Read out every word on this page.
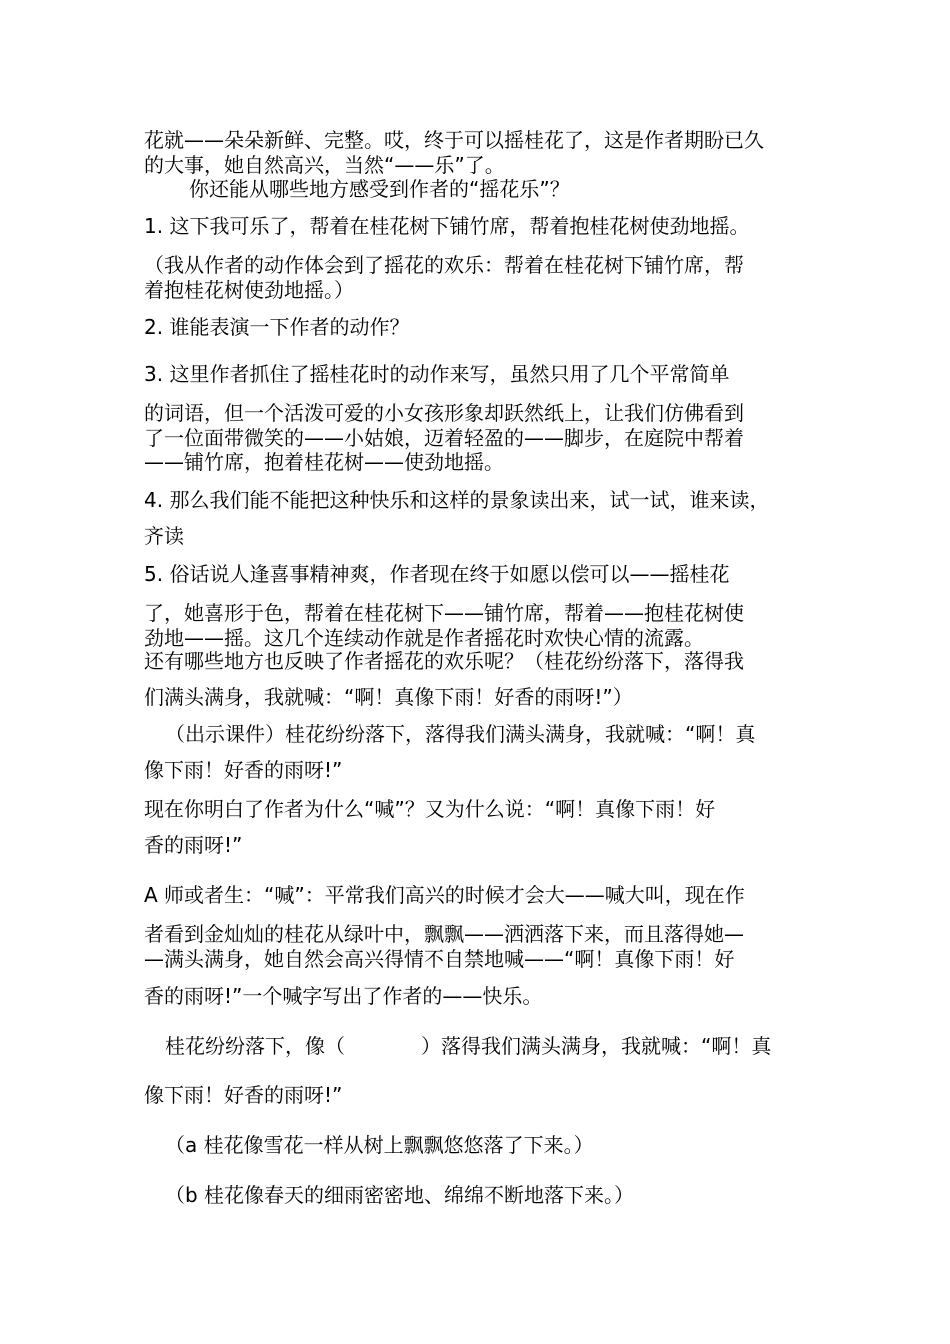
花就——朵朵新鲜、完整。哎，终于可以摇桂花了，这是作者期盼已久
的大事，她自然高兴，当然“——乐”了。
你还能从哪些地方感受到作者的“摇花乐”？
1. 这下我可乐了，帮着在桂花树下铺竹席，帮着抱桂花树使劲地摇。
（我从作者的动作体会到了摇花的欢乐：帮着在桂花树下铺竹席，帮
着抱桂花树使劲地摇。）
2. 谁能表演一下作者的动作？
3. 这里作者抓住了摇桂花时的动作来写，虽然只用了几个平常简单
的词语，但一个活泼可爱的小女孩形象却跃然纸上，让我们仿佛看到
了一位面带微笑的——小姑娘，迈着轻盈的——脚步，在庭院中帮着
——铺竹席，抱着桂花树——使劲地摇。
4. 那么我们能不能把这种快乐和这样的景象读出来，试一试，谁来读，
齐读
5. 俗话说人逢喜事精神爽，作者现在终于如愿以偿可以——摇桂花
了，她喜形于色，帮着在桂花树下——铺竹席，帮着——抱桂花树使
劲地——摇。这几个连续动作就是作者摇花时欢快心情的流露。
还有哪些地方也反映了作者摇花的欢乐呢？（桂花纷纷落下，落得我
们满头满身，我就喊：“啊！真像下雨！好香的雨呀!”）
（出示课件）桂花纷纷落下，落得我们满头满身，我就喊：“啊！真
像下雨！好香的雨呀!”
现在你明白了作者为什么“喊”？又为什么说：“啊！真像下雨！好
香的雨呀!”
A 师或者生：“喊”：平常我们高兴的时候才会大——喊大叫，现在作
者看到金灿灿的桂花从绿叶中，飘飘——洒洒落下来，而且落得她—
—满头满身，她自然会高兴得情不自禁地喊——“啊！真像下雨！好
香的雨呀!”一个喊字写出了作者的——快乐。
桂花纷纷落下，像（	）落得我们满头满身，我就喊：“啊！真
像下雨！好香的雨呀!”
（a 桂花像雪花一样从树上飘飘悠悠落了下来。）
（b 桂花像春天的细雨密密地、绵绵不断地落下来。）
